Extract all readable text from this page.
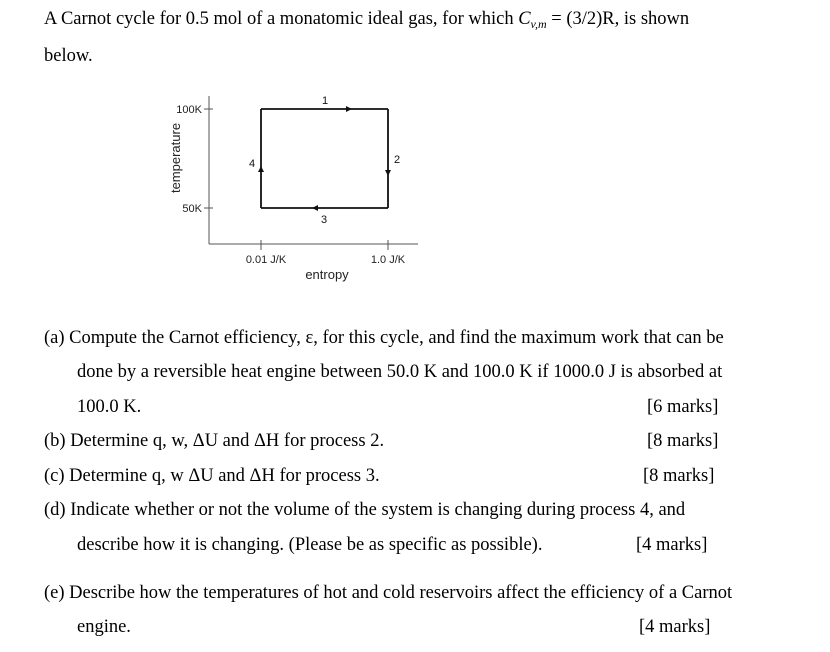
A Carnot cycle for 0.5 mol of a monatomic ideal gas, for which $C_{v,m} = (3/2)R$, is shown
below.
1
2
3
4
100K
50K
0.01 J/K	1.0 J/K
entropy
temperature
(a) Compute the Carnot efficiency, ε, for this cycle, and find the maximum work that can be
done by a reversible heat engine between 50.0 K and 100.0 K if 1000.0 J is absorbed at
100.0 K.	[6 marks]
(b) Determine q, w, ΔU and ΔH for process 2.	[8 marks]
(c) Determine q, w ΔU and ΔH for process 3.	[8 marks]
(d) Indicate whether or not the volume of the system is changing during process 4, and
describe how it is changing. (Please be as specific as possible).	[4 marks]
(e) Describe how the temperatures of hot and cold reservoirs affect the efficiency of a Carnot
engine.	[4 marks]
